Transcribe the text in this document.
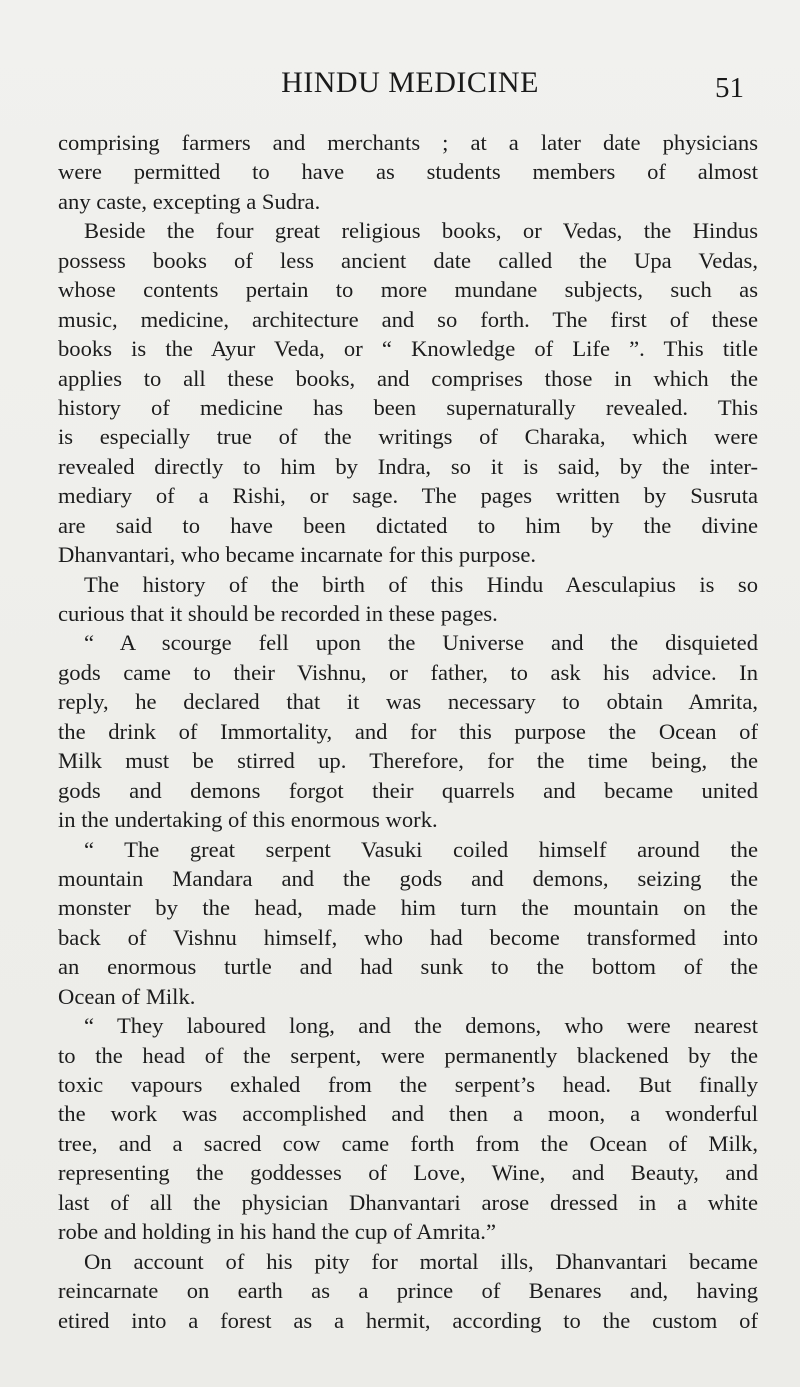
HINDU MEDICINE	51
comprising farmers and merchants ; at a later date physicians
were permitted to have as students members of almost
any caste, excepting a Sudra.
Beside the four great religious books, or Vedas, the Hindus
possess books of less ancient date called the Upa Vedas,
whose contents pertain to more mundane subjects, such as
music, medicine, architecture and so forth. The first of these
books is the Ayur Veda, or “ Knowledge of Life ”. This title
applies to all these books, and comprises those in which the
history of medicine has been supernaturally revealed. This
is especially true of the writings of Charaka, which were
revealed directly to him by Indra, so it is said, by the inter-
mediary of a Rishi, or sage. The pages written by Susruta
are said to have been dictated to him by the divine
Dhanvantari, who became incarnate for this purpose.
The history of the birth of this Hindu Aesculapius is so
curious that it should be recorded in these pages.
“ A scourge fell upon the Universe and the disquieted
gods came to their Vishnu, or father, to ask his advice. In
reply, he declared that it was necessary to obtain Amrita,
the drink of Immortality, and for this purpose the Ocean of
Milk must be stirred up. Therefore, for the time being, the
gods and demons forgot their quarrels and became united
in the undertaking of this enormous work.
“ The great serpent Vasuki coiled himself around the
mountain Mandara and the gods and demons, seizing the
monster by the head, made him turn the mountain on the
back of Vishnu himself, who had become transformed into
an enormous turtle and had sunk to the bottom of the
Ocean of Milk.
“ They laboured long, and the demons, who were nearest
to the head of the serpent, were permanently blackened by the
toxic vapours exhaled from the serpent’s head. But finally
the work was accomplished and then a moon, a wonderful
tree, and a sacred cow came forth from the Ocean of Milk,
representing the goddesses of Love, Wine, and Beauty, and
last of all the physician Dhanvantari arose dressed in a white
robe and holding in his hand the cup of Amrita.”
On account of his pity for mortal ills, Dhanvantari became
reincarnate on earth as a prince of Benares and, having
etired into a forest as a hermit, according to the custom of
